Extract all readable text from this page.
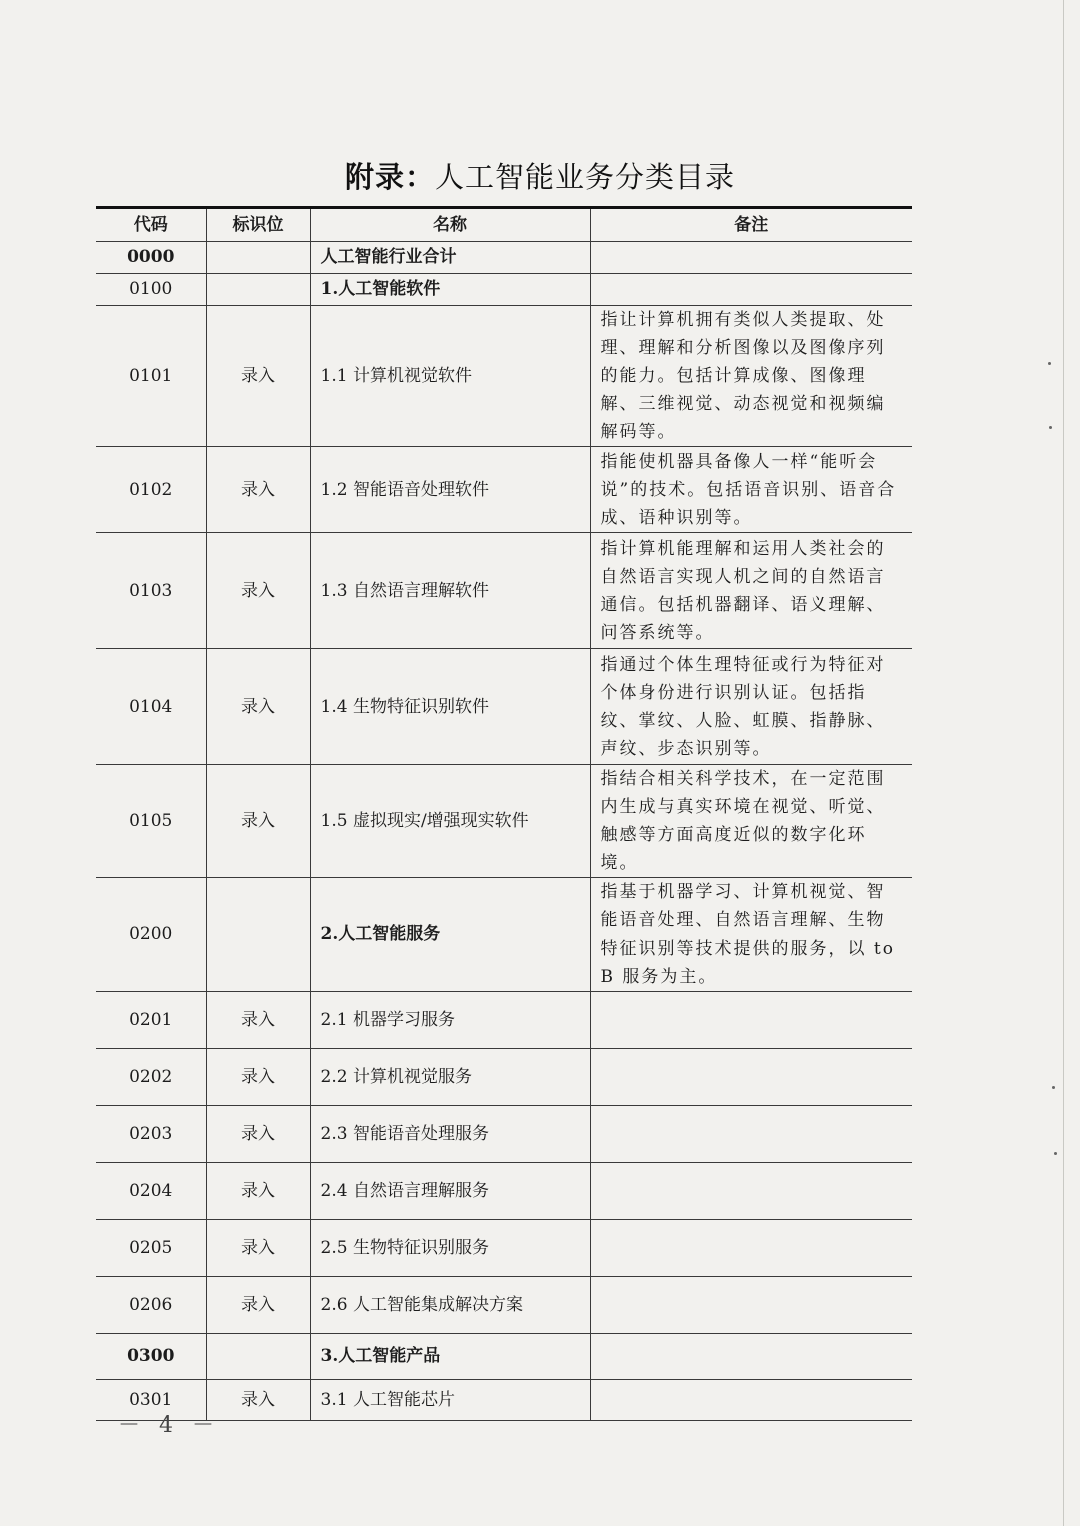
附录：人工智能业务分类目录
代码	标识位	名称	备注
0000		人工智能行业合计	
0100		1.人工智能软件	
0101	录入	1.1 计算机视觉软件	指让计算机拥有类似人类提取、处理、理解和分析图像以及图像序列的能力。包括计算成像、图像理解、三维视觉、动态视觉和视频编解码等。
0102	录入	1.2 智能语音处理软件	指能使机器具备像人一样“能听会说”的技术。包括语音识别、语音合成、语种识别等。
0103	录入	1.3 自然语言理解软件	指计算机能理解和运用人类社会的自然语言实现人机之间的自然语言通信。包括机器翻译、语义理解、问答系统等。
0104	录入	1.4 生物特征识别软件	指通过个体生理特征或行为特征对个体身份进行识别认证。包括指纹、掌纹、人脸、虹膜、指静脉、声纹、步态识别等。
0105	录入	1.5 虚拟现实/增强现实软件	指结合相关科学技术，在一定范围内生成与真实环境在视觉、听觉、触感等方面高度近似的数字化环境。
0200		2.人工智能服务	指基于机器学习、计算机视觉、智能语音处理、自然语言理解、生物特征识别等技术提供的服务，以 to B 服务为主。
0201	录入	2.1 机器学习服务	
0202	录入	2.2 计算机视觉服务	
0203	录入	2.3 智能语音处理服务	
0204	录入	2.4 自然语言理解服务	
0205	录入	2.5 生物特征识别服务	
0206	录入	2.6 人工智能集成解决方案	
0300		3.人工智能产品	
0301	录入	3.1 人工智能芯片	
－ 4 －
